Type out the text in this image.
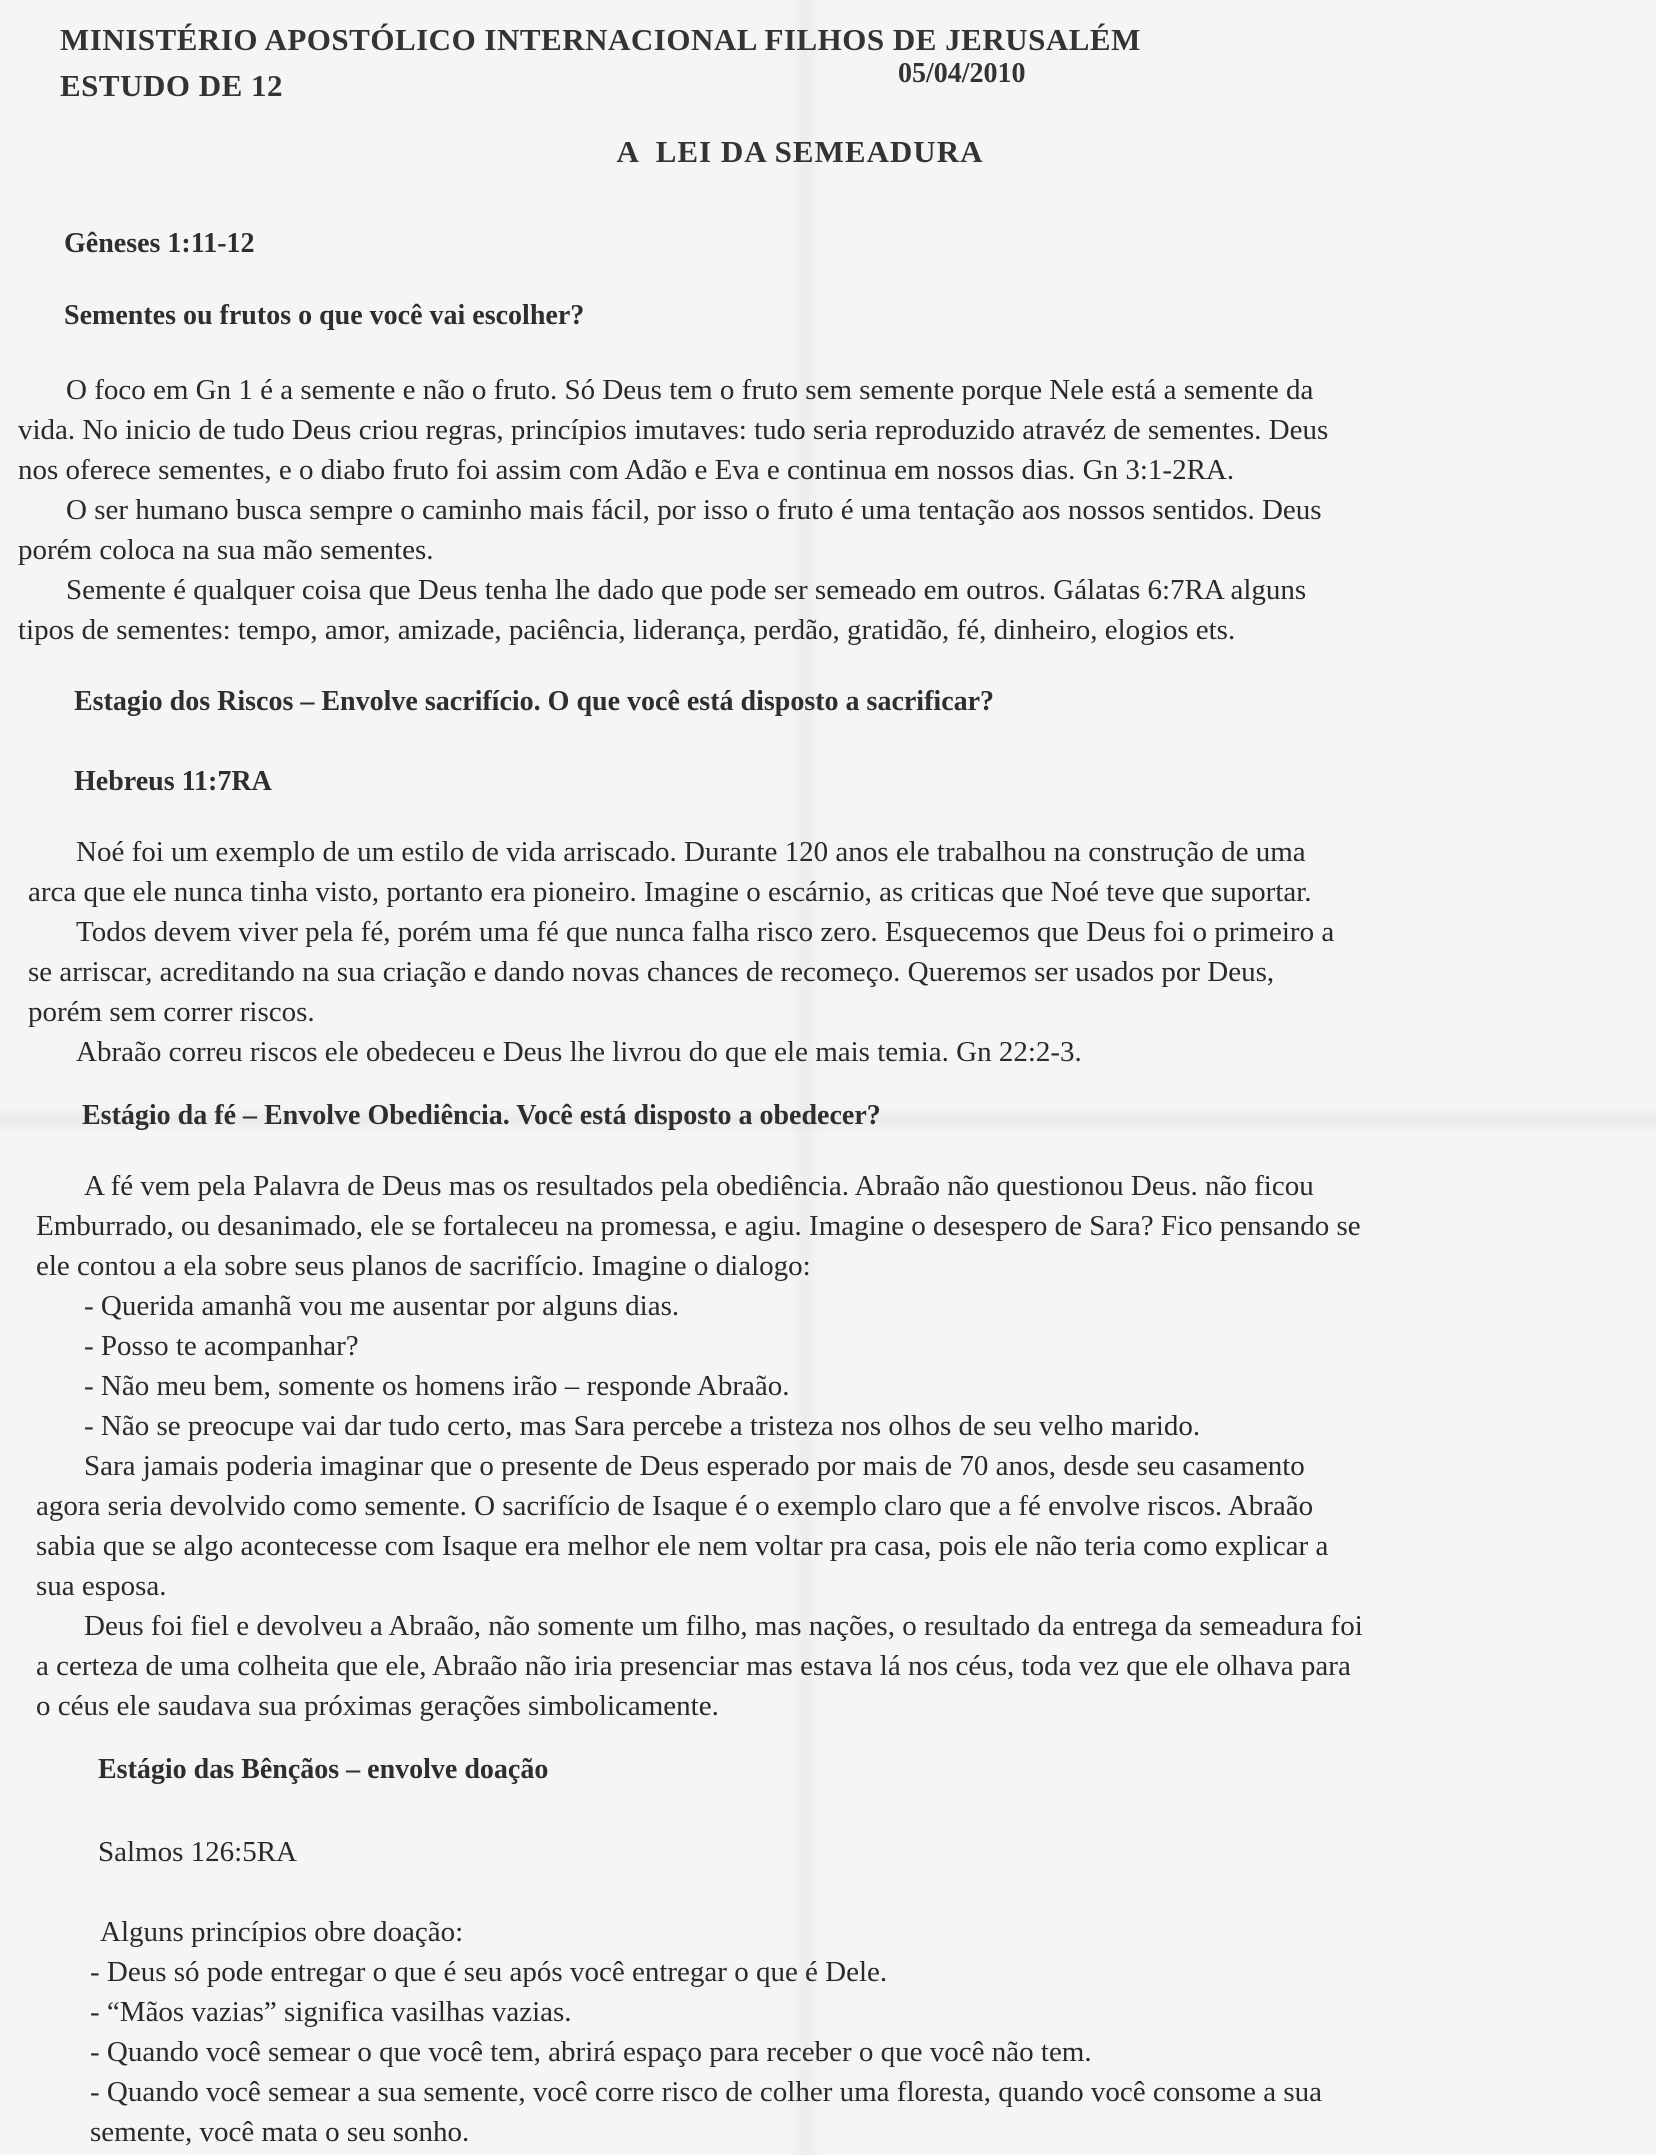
MINISTÉRIO APOSTÓLICO INTERNACIONAL FILHOS DE JERUSALÉM
ESTUDO DE 12	05/04/2010
A  LEI DA SEMEADURA
Gêneses 1:11-12
Sementes ou frutos o que você vai escolher?

O foco em Gn 1 é a semente e não o fruto. Só Deus tem o fruto sem semente porque Nele está a semente da

vida. No inicio de tudo Deus criou regras, princípios imutaves: tudo seria reproduzido atravéz de sementes. Deus

nos oferece sementes, e o diabo fruto foi assim com Adão e Eva e continua em nossos dias. Gn 3:1-2RA.

O ser humano busca sempre o caminho mais fácil, por isso o fruto é uma tentação aos nossos sentidos. Deus

porém coloca na sua mão sementes.

Semente é qualquer coisa que Deus tenha lhe dado que pode ser semeado em outros. Gálatas 6:7RA alguns

tipos de sementes: tempo, amor, amizade, paciência, liderança, perdão, gratidão, fé, dinheiro, elogios ets.

Estagio dos Riscos – Envolve sacrifício. O que você está disposto a sacrificar?
Hebreus 11:7RA

Noé foi um exemplo de um estilo de vida arriscado. Durante 120 anos ele trabalhou na construção de uma

arca que ele nunca tinha visto, portanto era pioneiro. Imagine o escárnio, as criticas que Noé teve que suportar.

Todos devem viver pela fé, porém uma fé que nunca falha risco zero. Esquecemos que Deus foi o primeiro a

se arriscar, acreditando na sua criação e dando novas chances de recomeço. Queremos ser usados por Deus,

porém sem correr riscos.

Abraão correu riscos ele obedeceu e Deus lhe livrou do que ele mais temia. Gn 22:2-3.

Estágio da fé – Envolve Obediência. Você está disposto a obedecer?

A fé vem pela Palavra de Deus mas os resultados pela obediência. Abraão não questionou Deus. não ficou

Emburrado, ou desanimado, ele se fortaleceu na promessa, e agiu. Imagine o desespero de Sara? Fico pensando se

ele contou a ela sobre seus planos de sacrifício. Imagine o dialogo:

- Querida amanhã vou me ausentar por alguns dias.

- Posso te acompanhar?

- Não meu bem, somente os homens irão – responde Abraão.

- Não se preocupe vai dar tudo certo, mas Sara percebe a tristeza nos olhos de seu velho marido.

Sara jamais poderia imaginar que o presente de Deus esperado por mais de 70 anos, desde seu casamento

agora seria devolvido como semente. O sacrifício de Isaque é o exemplo claro que a fé envolve riscos. Abraão

sabia que se algo acontecesse com Isaque era melhor ele nem voltar pra casa, pois ele não teria como explicar a

sua esposa.

Deus foi fiel e devolveu a Abraão, não somente um filho, mas nações, o resultado da entrega da semeadura foi

a certeza de uma colheita que ele, Abraão não iria presenciar mas estava lá nos céus, toda vez que ele olhava para

o céus ele saudava sua próximas gerações simbolicamente.

Estágio das Bênçãos – envolve doação
Salmos 126:5RA

Alguns princípios obre doação:

- Deus só pode entregar o que é seu após você entregar o que é Dele.

- “Mãos vazias” significa vasilhas vazias.

- Quando você semear o que você tem, abrirá espaço para receber o que você não tem.

- Quando você semear a sua semente, você corre risco de colher uma floresta, quando você consome a sua

semente, você mata o seu sonho.
